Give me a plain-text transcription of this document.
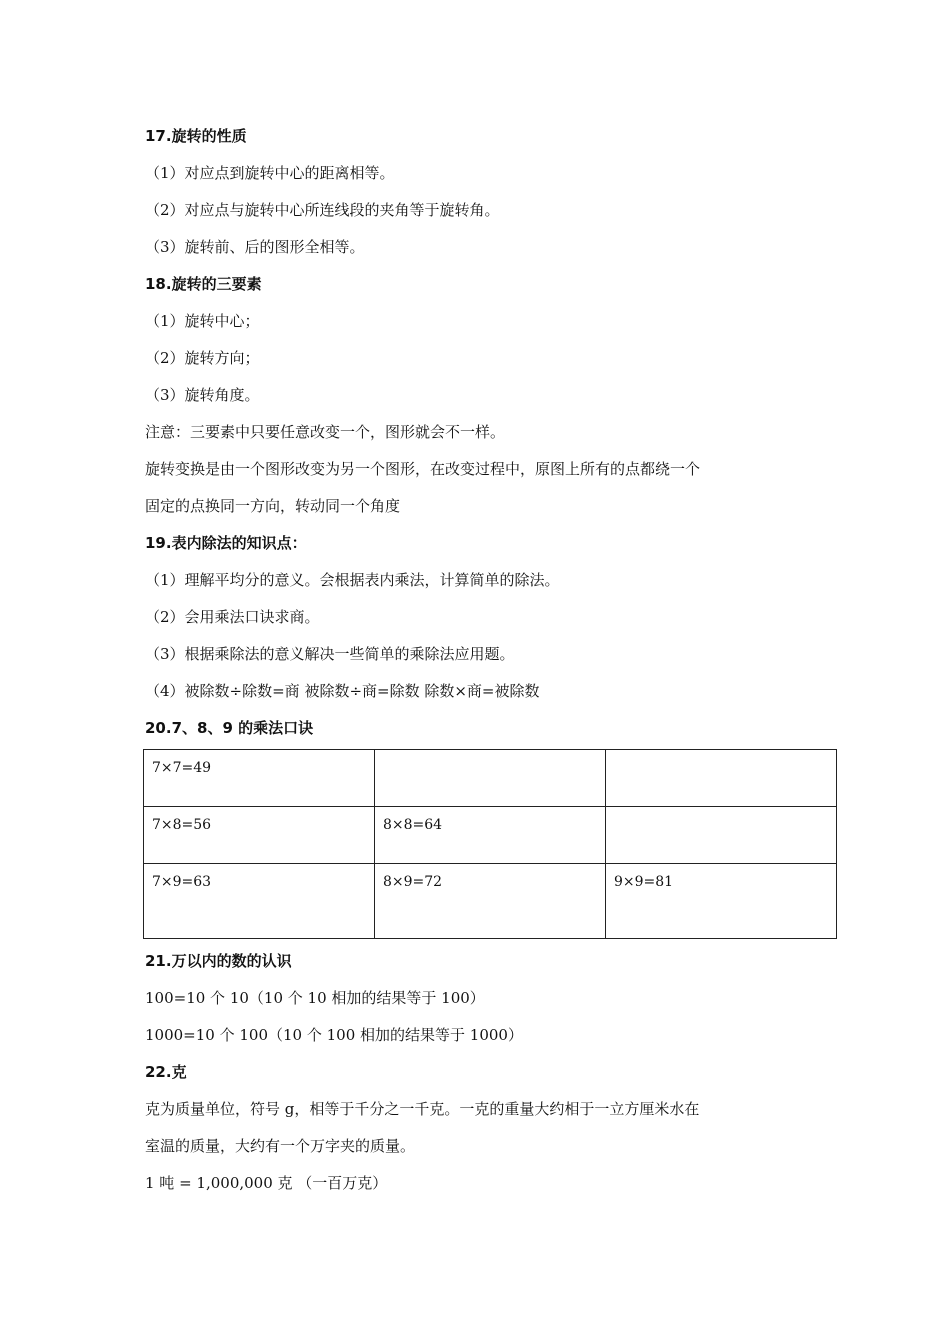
17.旋转的性质
（1）对应点到旋转中心的距离相等。
（2）对应点与旋转中心所连线段的夹角等于旋转角。
（3）旋转前、后的图形全相等。
18.旋转的三要素
（1）旋转中心；
（2）旋转方向；
（3）旋转角度。
注意：三要素中只要任意改变一个，图形就会不一样。
旋转变换是由一个图形改变为另一个图形，在改变过程中，原图上所有的点都绕一个
固定的点换同一方向，转动同一个角度
19.表内除法的知识点：
（1）理解平均分的意义。会根据表内乘法，计算简单的除法。
（2）会用乘法口诀求商。
（3）根据乘除法的意义解决一些简单的乘除法应用题。
（4）被除数÷除数=商 被除数÷商=除数 除数×商=被除数
20.7、8、9 的乘法口诀
7×7=49		
7×8=56	8×8=64	
7×9=63	8×9=72	9×9=81
21.万以内的数的认识
100=10 个 10（10 个 10 相加的结果等于 100）
1000=10 个 100（10 个 100 相加的结果等于 1000）
22.克
克为质量单位，符号 g，相等于千分之一千克。一克的重量大约相于一立方厘米水在
室温的质量，大约有一个万字夹的质量。
1 吨 = 1,000,000 克 （一百万克）
